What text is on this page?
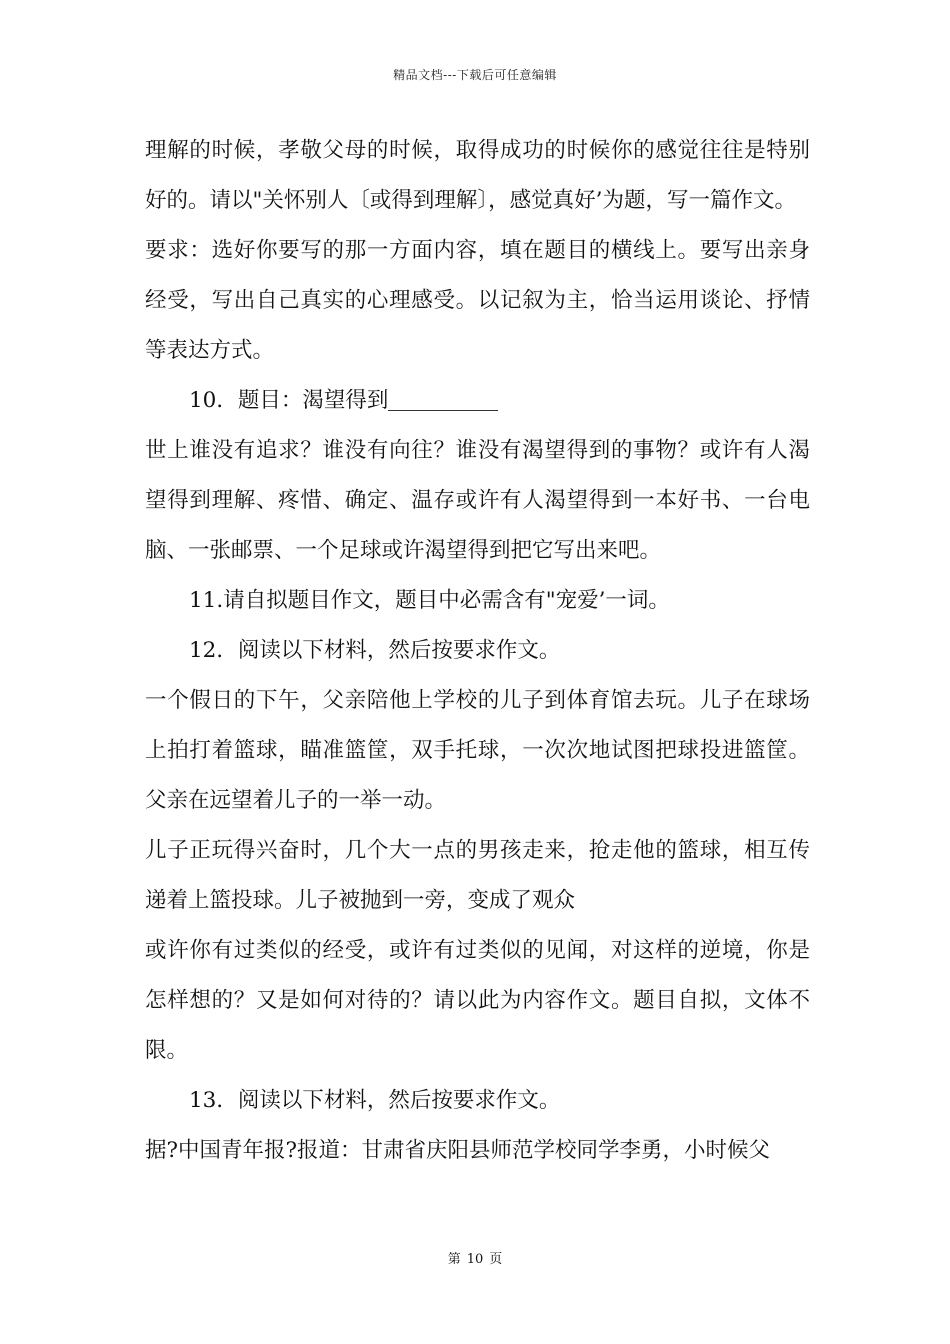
精品文档---下载后可任意编辑

理解的时候，孝敬父母的时候，取得成功的时候你的感觉往往是特别好的。请以"关怀别人〔或得到理解〕，感觉真好’为题，写一篇作文。

要求：选好你要写的那一方面内容，填在题目的横线上。要写出亲身经受，写出自己真实的心理感受。以记叙为主，恰当运用谈论、抒情等表达方式。

10．题目：渴望得到

世上谁没有追求？谁没有向往？谁没有渴望得到的事物？或许有人渴望得到理解、疼惜、确定、温存或许有人渴望得到一本好书、一台电脑、一张邮票、一个足球或许渴望得到把它写出来吧。

11.请自拟题目作文，题目中必需含有"宠爱’一词。

12．阅读以下材料，然后按要求作文。

一个假日的下午，父亲陪他上学校的儿子到体育馆去玩。儿子在球场上拍打着篮球，瞄准篮筐，双手托球，一次次地试图把球投进篮筐。父亲在远望着儿子的一举一动。

儿子正玩得兴奋时，几个大一点的男孩走来，抢走他的篮球，相互传递着上篮投球。儿子被抛到一旁，变成了观众

或许你有过类似的经受，或许有过类似的见闻，对这样的逆境，你是怎样想的？又是如何对待的？请以此为内容作文。题目自拟，文体不限。

13．阅读以下材料，然后按要求作文。

据?中国青年报?报道：甘肃省庆阳县师范学校同学李勇，小时候父

第 10 页
